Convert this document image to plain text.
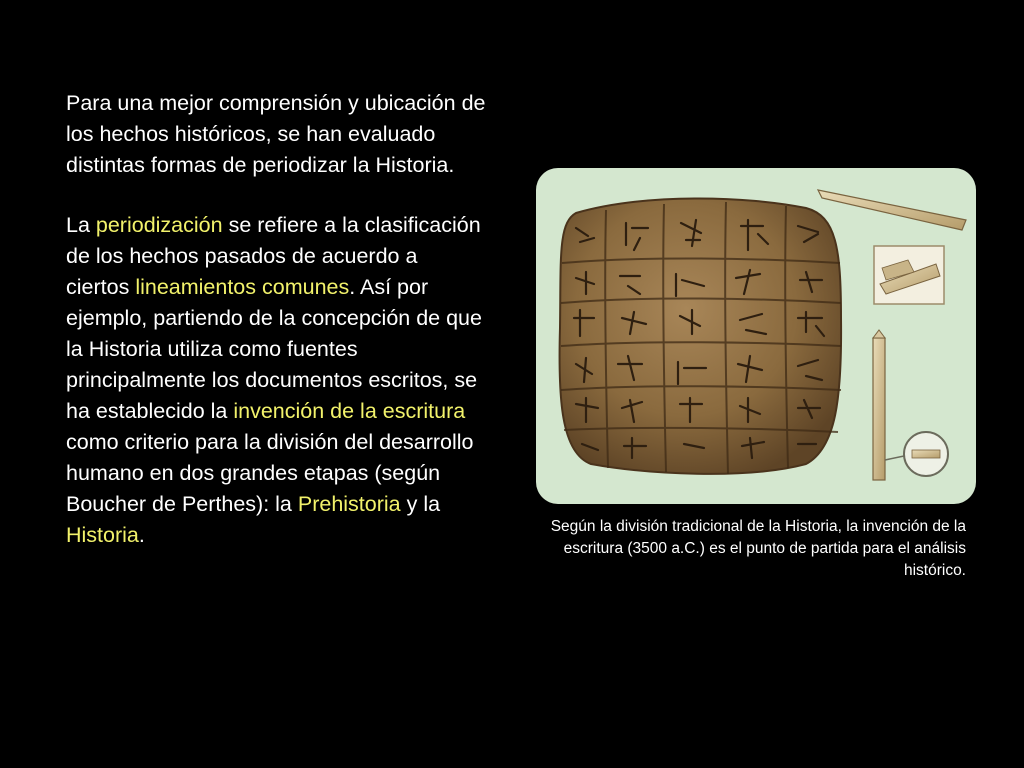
Para una mejor comprensión y ubicación de los hechos históricos, se han evaluado distintas formas de periodizar la Historia.

La periodización se refiere a la clasificación de los hechos pasados de acuerdo a ciertos lineamientos comunes. Así por ejemplo, partiendo de la concepción de que la Historia utiliza como fuentes principalmente los documentos escritos, se ha establecido la invención de la escritura como criterio para la división del desarrollo humano en dos grandes etapas (según Boucher de Perthes): la Prehistoria y la Historia.	Según la división tradicional de la Historia, la invención de la escritura (3500 a.C.) es el punto de partida para el análisis histórico.
